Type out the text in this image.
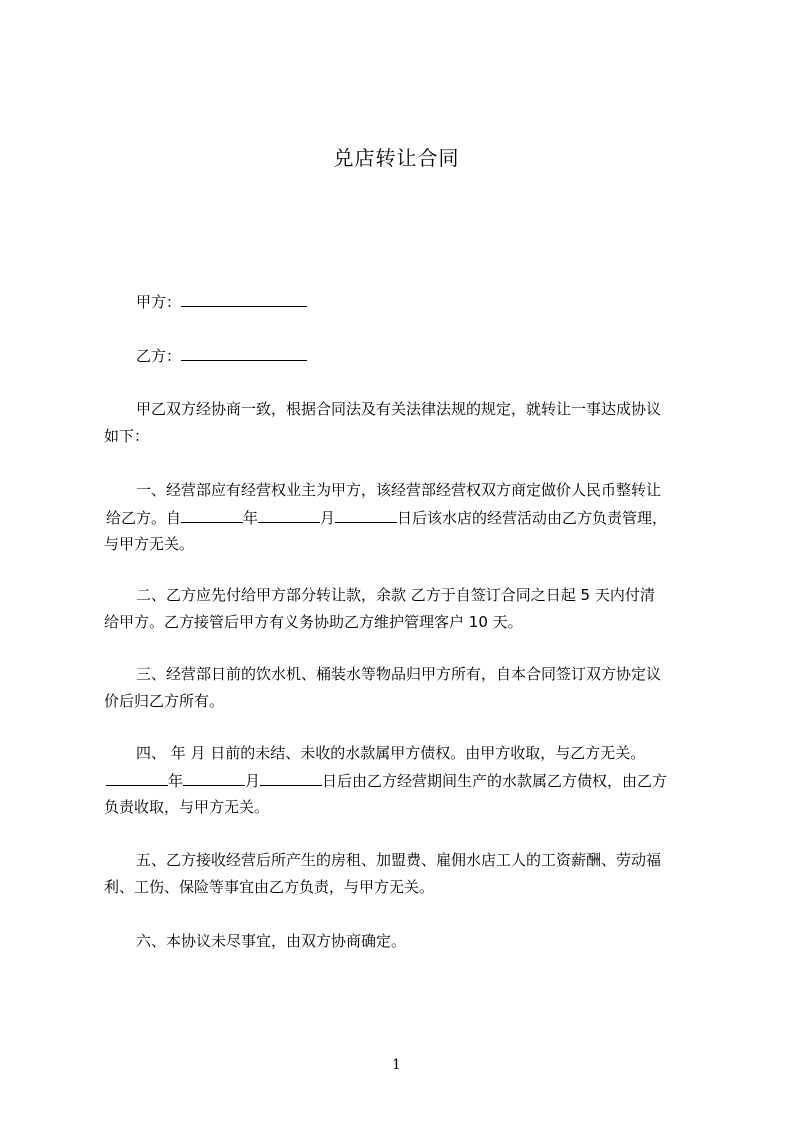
兑店转让合同
甲方：
乙方：
甲乙双方经协商一致，根据合同法及有关法律法规的规定，就转让一事达成协议
如下：
一、经营部应有经营权业主为甲方，该经营部经营权双方商定做价人民币整转让
给乙方。自	年	月	日后该水店的经营活动由乙方负责管理，
与甲方无关。
二、乙方应先付给甲方部分转让款，余款 乙方于自签订合同之日起 5 天内付清
给甲方。乙方接管后甲方有义务协助乙方维护管理客户 10 天。
三、经营部日前的饮水机、桶装水等物品归甲方所有，自本合同签订双方协定议
价后归乙方所有。
四、 年 月 日前的未结、未收的水款属甲方债权。由甲方收取，与乙方无关。
年	月	日后由乙方经营期间生产的水款属乙方债权，由乙方
负责收取，与甲方无关。
五、乙方接收经营后所产生的房租、加盟费、雇佣水店工人的工资薪酬、劳动福
利、工伤、保险等事宜由乙方负责，与甲方无关。
六、本协议未尽事宜，由双方协商确定。
1
